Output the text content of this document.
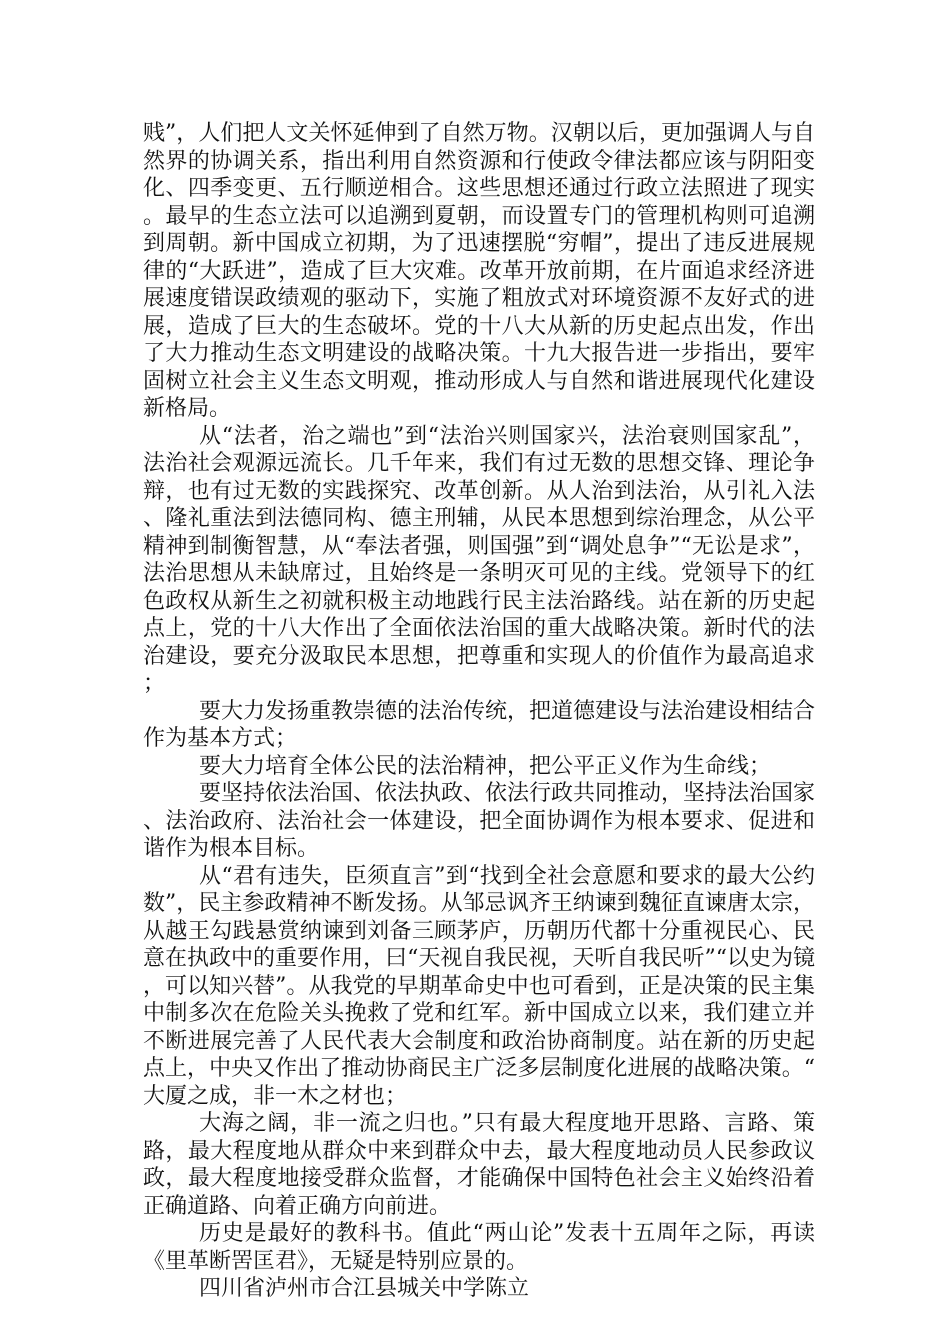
贱”，人们把人文关怀延伸到了自然万物。汉朝以后，更加强调人与自然界的协调关系，指出利用自然资源和行使政令律法都应该与阴阳变化、四季变更、五行顺逆相合。这些思想还通过行政立法照进了现实。最早的生态立法可以追溯到夏朝，而设置专门的管理机构则可追溯到周朝。新中国成立初期，为了迅速摆脱“穷帽”，提出了违反进展规律的“大跃进”，造成了巨大灾难。改革开放前期，在片面追求经济进展速度错误政绩观的驱动下，实施了粗放式对环境资源不友好式的进展，造成了巨大的生态破坏。党的十八大从新的历史起点出发，作出了大力推动生态文明建设的战略决策。十九大报告进一步指出，要牢固树立社会主义生态文明观，推动形成人与自然和谐进展现代化建设新格局。

从“法者，治之端也”到“法治兴则国家兴，法治衰则国家乱”，法治社会观源远流长。几千年来，我们有过无数的思想交锋、理论争辩，也有过无数的实践探究、改革创新。从人治到法治，从引礼入法、隆礼重法到法德同构、德主刑辅，从民本思想到综治理念，从公平精神到制衡智慧，从“奉法者强，则国强”到“调处息争”“无讼是求”，法治思想从未缺席过，且始终是一条明灭可见的主线。党领导下的红色政权从新生之初就积极主动地践行民主法治路线。站在新的历史起点上，党的十八大作出了全面依法治国的重大战略决策。新时代的法治建设，要充分汲取民本思想，把尊重和实现人的价值作为最高追求；

要大力发扬重教崇德的法治传统，把道德建设与法治建设相结合作为基本方式；

要大力培育全体公民的法治精神，把公平正义作为生命线；

要坚持依法治国、依法执政、依法行政共同推动，坚持法治国家、法治政府、法治社会一体建设，把全面协调作为根本要求、促进和谐作为根本目标。

从“君有违失，臣须直言”到“找到全社会意愿和要求的最大公约数”，民主参政精神不断发扬。从邹忌讽齐王纳谏到魏征直谏唐太宗，从越王勾践悬赏纳谏到刘备三顾茅庐，历朝历代都十分重视民心、民意在执政中的重要作用，曰“天视自我民视，天听自我民听”“以史为镜，可以知兴替”。从我党的早期革命史中也可看到，正是决策的民主集中制多次在危险关头挽救了党和红军。新中国成立以来，我们建立并不断进展完善了人民代表大会制度和政治协商制度。站在新的历史起点上，中央又作出了推动协商民主广泛多层制度化进展的战略决策。“大厦之成，非一木之材也；

大海之阔，非一流之归也。”只有最大程度地开思路、言路、策路，最大程度地从群众中来到群众中去，最大程度地动员人民参政议政，最大程度地接受群众监督，才能确保中国特色社会主义始终沿着正确道路、向着正确方向前进。

历史是最好的教科书。值此“两山论”发表十五周年之际，再读《里革断罟匡君》，无疑是特别应景的。

四川省泸州市合江县城关中学陈立
